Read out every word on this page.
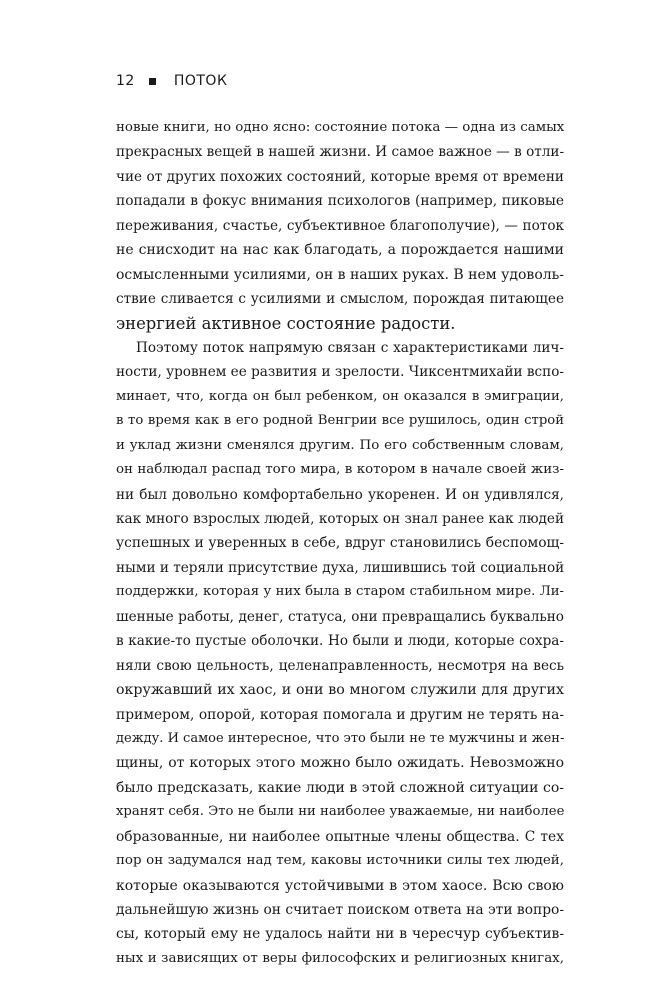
12	ПОТОК
новые книги, но одно ясно: состояние потока — одна из самых
прекрасных вещей в нашей жизни. И самое важное — в отли-
чие от других похожих состояний, которые время от времени
попадали в фокус внимания психологов (например, пиковые
переживания, счастье, субъективное благополучие), — поток
не снисходит на нас как благодать, а порождается нашими
осмысленными усилиями, он в наших руках. В нем удоволь-
ствие сливается с усилиями и смыслом, порождая питающее
энергией активное состояние радости.
Поэтому поток напрямую связан с характеристиками лич-
ности, уровнем ее развития и зрелости. Чиксентмихайи вспо-
минает, что, когда он был ребенком, он оказался в эмиграции,
в то время как в его родной Венгрии все рушилось, один строй
и уклад жизни сменялся другим. По его собственным словам,
он наблюдал распад того мира, в котором в начале своей жиз-
ни был довольно комфортабельно укоренен. И он удивлялся,
как много взрослых людей, которых он знал ранее как людей
успешных и уверенных в себе, вдруг становились беспомощ-
ными и теряли присутствие духа, лишившись той социальной
поддержки, которая у них была в старом стабильном мире. Ли-
шенные работы, денег, статуса, они превращались буквально
в какие-то пустые оболочки. Но были и люди, которые сохра-
няли свою цельность, целенаправленность, несмотря на весь
окружавший их хаос, и они во многом служили для других
примером, опорой, которая помогала и другим не терять на-
дежду. И самое интересное, что это были не те мужчины и жен-
щины, от которых этого можно было ожидать. Невозможно
было предсказать, какие люди в этой сложной ситуации со-
хранят себя. Это не были ни наиболее уважаемые, ни наиболее
образованные, ни наиболее опытные члены общества. С тех
пор он задумался над тем, каковы источники силы тех людей,
которые оказываются устойчивыми в этом хаосе. Всю свою
дальнейшую жизнь он считает поиском ответа на эти вопро-
сы, который ему не удалось найти ни в чересчур субъектив-
ных и зависящих от веры философских и религиозных книгах,
